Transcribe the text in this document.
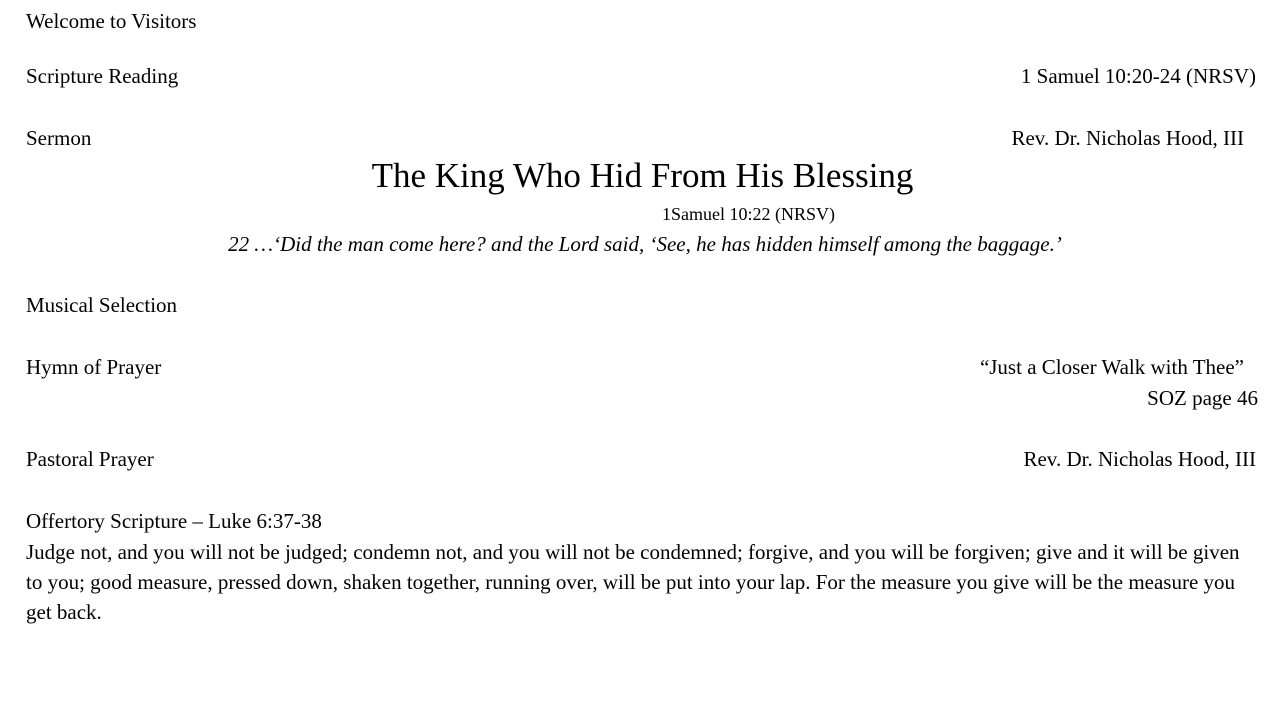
Welcome to Visitors
Scripture Reading	1 Samuel 10:20-24 (NRSV)
Sermon	Rev. Dr. Nicholas Hood, III
The King Who Hid From His Blessing
1Samuel 10:22 (NRSV)
22 …‘Did the man come here? and the Lord said, ‘See, he has hidden himself among the baggage.’
Musical Selection
Hymn of Prayer	“Just a Closer Walk with Thee”
SOZ page 46
Pastoral Prayer	Rev. Dr. Nicholas Hood, III
Offertory Scripture – Luke 6:37-38
Judge not, and you will not be judged; condemn not, and you will not be condemned; forgive, and you will be forgiven; give and it will be given to you; good measure, pressed down, shaken together, running over, will be put into your lap. For the measure you give will be the measure you get back.
